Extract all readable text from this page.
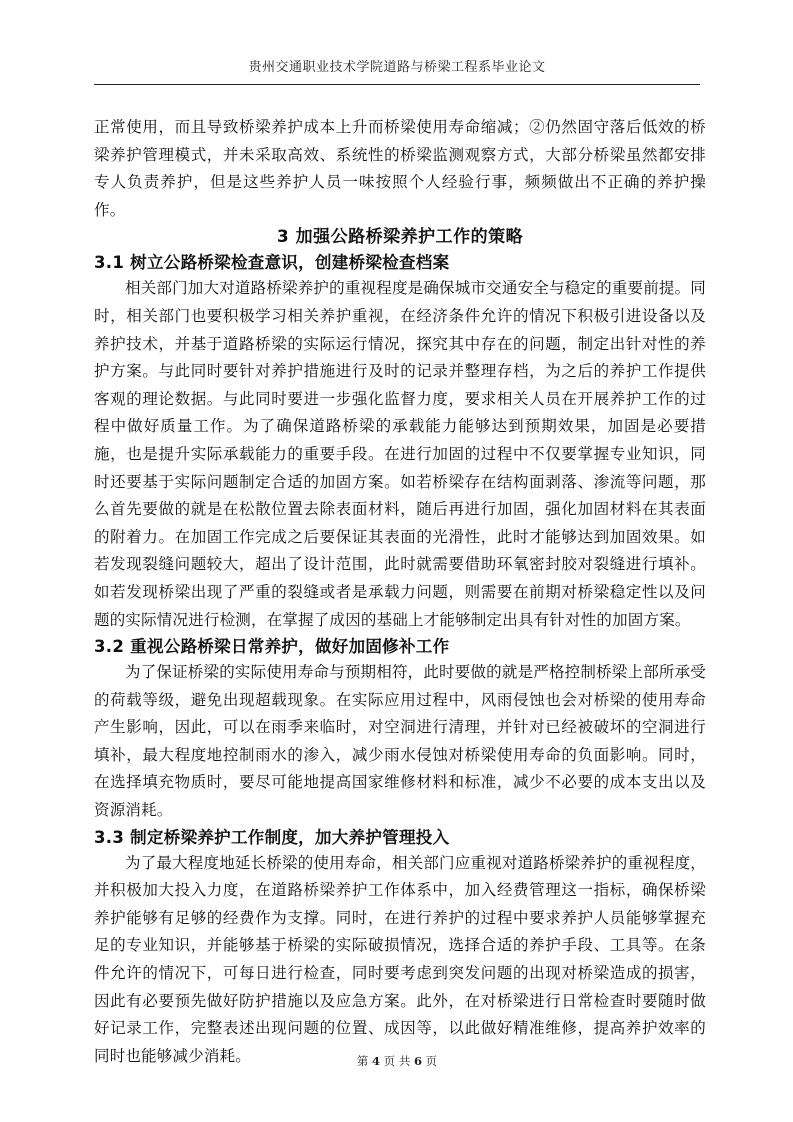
贵州交通职业技术学院道路与桥梁工程系毕业论文

正常使用，而且导致桥梁养护成本上升而桥梁使用寿命缩减；②仍然固守落后低效的桥梁养护管理模式，并未采取高效、系统性的桥梁监测观察方式，大部分桥梁虽然都安排专人负责养护，但是这些养护人员一味按照个人经验行事，频频做出不正确的养护操作。

3 加强公路桥梁养护工作的策略
3.1 树立公路桥梁检查意识，创建桥梁检查档案

相关部门加大对道路桥梁养护的重视程度是确保城市交通安全与稳定的重要前提。同时，相关部门也要积极学习相关养护重视，在经济条件允许的情况下积极引进设备以及养护技术，并基于道路桥梁的实际运行情况，探究其中存在的问题，制定出针对性的养护方案。与此同时要针对养护措施进行及时的记录并整理存档，为之后的养护工作提供客观的理论数据。与此同时要进一步强化监督力度，要求相关人员在开展养护工作的过程中做好质量工作。为了确保道路桥梁的承载能力能够达到预期效果，加固是必要措施，也是提升实际承载能力的重要手段。在进行加固的过程中不仅要掌握专业知识，同时还要基于实际问题制定合适的加固方案。如若桥梁存在结构面剥落、渗流等问题，那么首先要做的就是在松散位置去除表面材料，随后再进行加固，强化加固材料在其表面的附着力。在加固工作完成之后要保证其表面的光滑性，此时才能够达到加固效果。如若发现裂缝问题较大，超出了设计范围，此时就需要借助环氧密封胶对裂缝进行填补。如若发现桥梁出现了严重的裂缝或者是承载力问题，则需要在前期对桥梁稳定性以及问题的实际情况进行检测，在掌握了成因的基础上才能够制定出具有针对性的加固方案。

3.2 重视公路桥梁日常养护，做好加固修补工作

为了保证桥梁的实际使用寿命与预期相符，此时要做的就是严格控制桥梁上部所承受的荷载等级，避免出现超载现象。在实际应用过程中，风雨侵蚀也会对桥梁的使用寿命产生影响，因此，可以在雨季来临时，对空洞进行清理，并针对已经被破坏的空洞进行填补，最大程度地控制雨水的渗入，减少雨水侵蚀对桥梁使用寿命的负面影响。同时，在选择填充物质时，要尽可能地提高国家维修材料和标准，减少不必要的成本支出以及资源消耗。

3.3 制定桥梁养护工作制度，加大养护管理投入

为了最大程度地延长桥梁的使用寿命，相关部门应重视对道路桥梁养护的重视程度，并积极加大投入力度，在道路桥梁养护工作体系中，加入经费管理这一指标，确保桥梁养护能够有足够的经费作为支撑。同时，在进行养护的过程中要求养护人员能够掌握充足的专业知识，并能够基于桥梁的实际破损情况，选择合适的养护手段、工具等。在条件允许的情况下，可每日进行检查，同时要考虑到突发问题的出现对桥梁造成的损害，因此有必要预先做好防护措施以及应急方案。此外，在对桥梁进行日常检查时要随时做好记录工作，完整表述出现问题的位置、成因等，以此做好精准维修，提高养护效率的同时也能够减少消耗。	第 4 页 共 6 页
